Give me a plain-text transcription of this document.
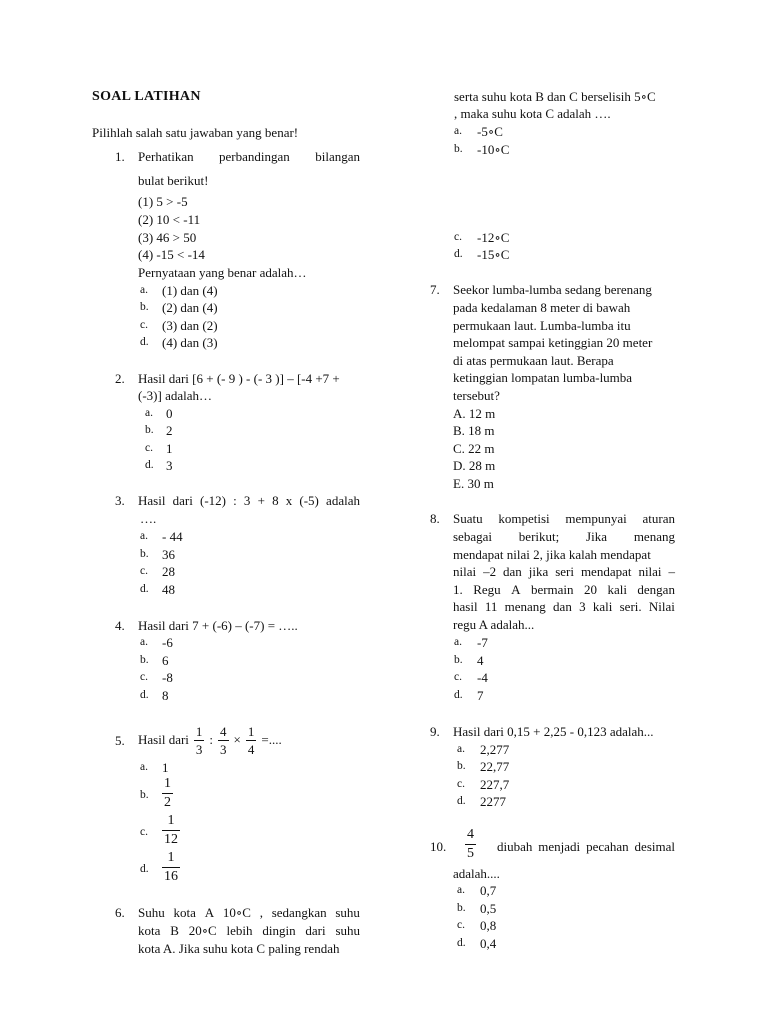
SOAL LATIHAN
Pilihlah salah satu jawaban yang benar!
1. Perhatikan perbandingan bilangan
bulat berikut!
(1) 5 > -5
(2) 10 < -11
(3) 46 > 50
(4) -15 < -14
Pernyataan yang benar adalah…
a. (1) dan (4)
b. (2) dan (4)
c. (3) dan (2)
d. (4) dan (3)
2. Hasil dari [6 + (- 9 ) - (- 3 )] – [-4 +7 +
(-3)] adalah…
a. 0
b. 2
c. 1
d. 3
3. Hasil dari (-12) : 3 + 8 x (-5) adalah
….
a. - 44
b. 36
c. 28
d. 48
4. Hasil dari 7 + (-6) – (-7) = …..
a. -6
b. 6
c. -8
d. 8
5. Hasil dari $\frac{1}{3}$ : $\frac{4}{3} \times \frac{1}{4}$ =....
a. 1
b. $\frac{1}{2}$
c. $\frac{1}{12}$
d. $\frac{1}{16}$
6. Suhu kota A 10∘C , sedangkan suhu
kota B 20∘C lebih dingin dari suhu
kota A. Jika suhu kota C paling rendah
serta suhu kota B dan C berselisih 5∘C
, maka suhu kota C adalah ….
a. -5∘C
b. -10∘C
c. -12∘C
d. -15∘C
7. Seekor lumba-lumba sedang berenang
pada kedalaman 8 meter di bawah
permukaan laut. Lumba-lumba itu
melompat sampai ketinggian 20 meter
di atas permukaan laut. Berapa
ketinggian lompatan lumba-lumba
tersebut?
A. 12 m
B. 18 m
C. 22 m
D. 28 m
E. 30 m
8. Suatu kompetisi mempunyai aturan
sebagai berikut; Jika menang
mendapat nilai 2, jika kalah mendapat
nilai –2 dan jika seri mendapat nilai –
1. Regu A bermain 20 kali dengan
hasil 11 menang dan 3 kali seri. Nilai
regu A adalah...
a. -7
b. 4
c. -4
d. 7
9. Hasil dari 0,15 + 2,25 - 0,123 adalah...
a. 2,277
b. 22,77
c. 227,7
d. 2277
10. $\frac{4}{5}$ diubah menjadi pecahan desimal
adalah....
a. 0,7
b. 0,5
c. 0,8
d. 0,4
